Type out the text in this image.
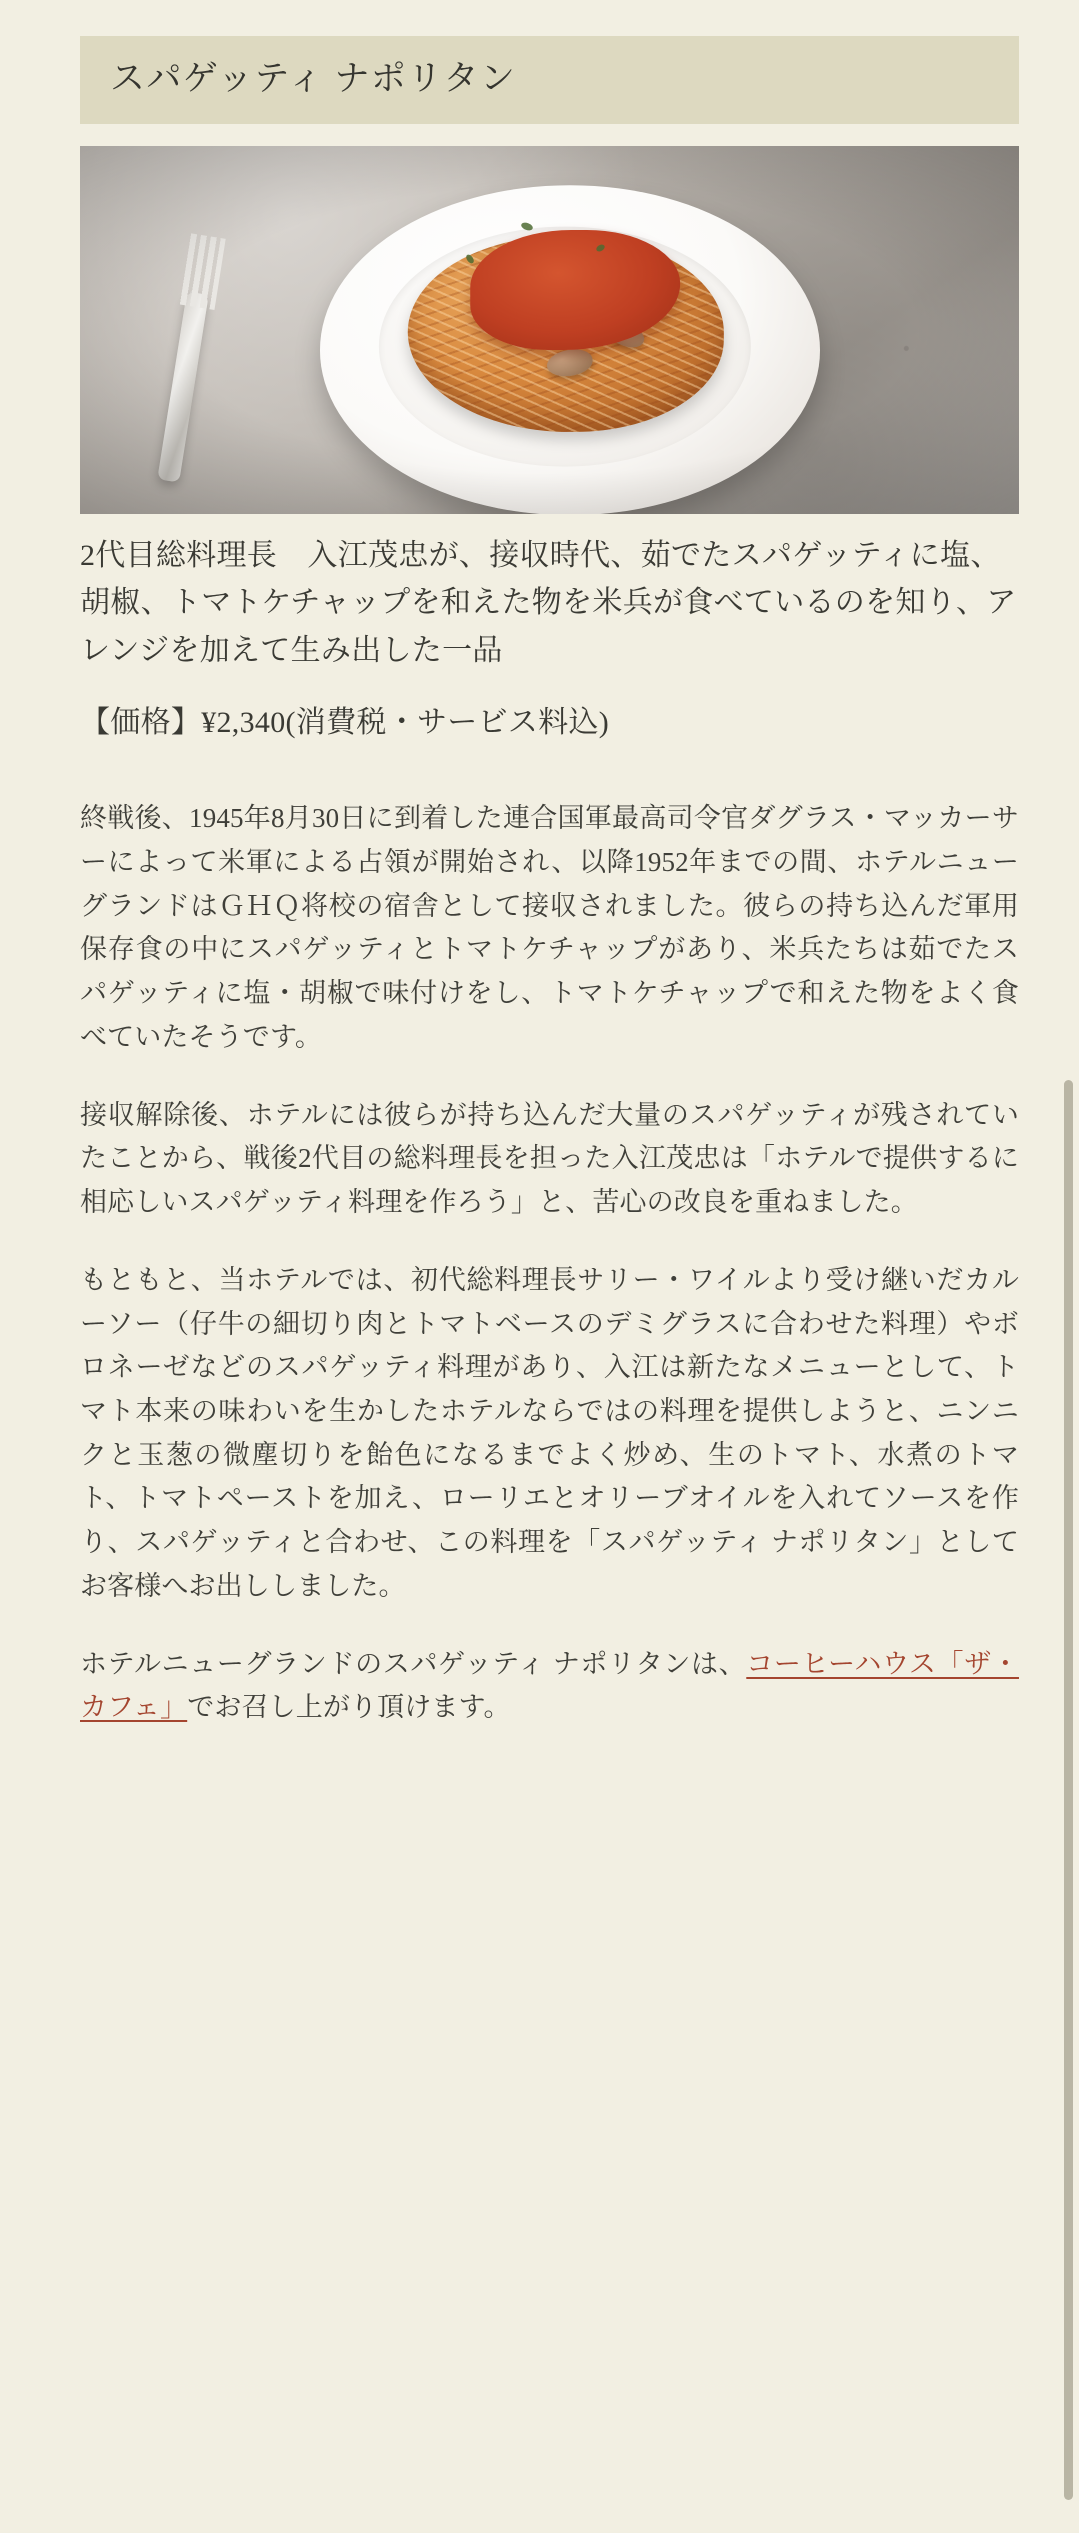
スパゲッティ ナポリタン

2代目総料理長　入江茂忠が、接収時代、茹でたスパゲッティに塩、胡椒、トマトケチャップを和えた物を米兵が食べているのを知り、アレンジを加えて生み出した一品

【価格】¥2,340(消費税・サービス料込)

終戦後、1945年8月30日に到着した連合国軍最高司令官ダグラス・マッカーサーによって米軍による占領が開始され、以降1952年までの間、ホテルニューグランドはＧＨＱ将校の宿舎として接収されました。彼らの持ち込んだ軍用保存食の中にスパゲッティとトマトケチャップがあり、米兵たちは茹でたスパゲッティに塩・胡椒で味付けをし、トマトケチャップで和えた物をよく食べていたそうです。

接収解除後、ホテルには彼らが持ち込んだ大量のスパゲッティが残されていたことから、戦後2代目の総料理長を担った入江茂忠は「ホテルで提供するに相応しいスパゲッティ料理を作ろう」と、苦心の改良を重ねました。

もともと、当ホテルでは、初代総料理長サリー・ワイルより受け継いだカルーソー（仔牛の細切り肉とトマトベースのデミグラスに合わせた料理）やボロネーゼなどのスパゲッティ料理があり、入江は新たなメニューとして、トマト本来の味わいを生かしたホテルならではの料理を提供しようと、ニンニクと玉葱の微塵切りを飴色になるまでよく炒め、生のトマト、水煮のトマト、トマトペーストを加え、ローリエとオリーブオイルを入れてソースを作り、スパゲッティと合わせ、この料理を「スパゲッティ ナポリタン」としてお客様へお出ししました。

ホテルニューグランドのスパゲッティ ナポリタンは、コーヒーハウス「ザ・カフェ」でお召し上がり頂けます。
